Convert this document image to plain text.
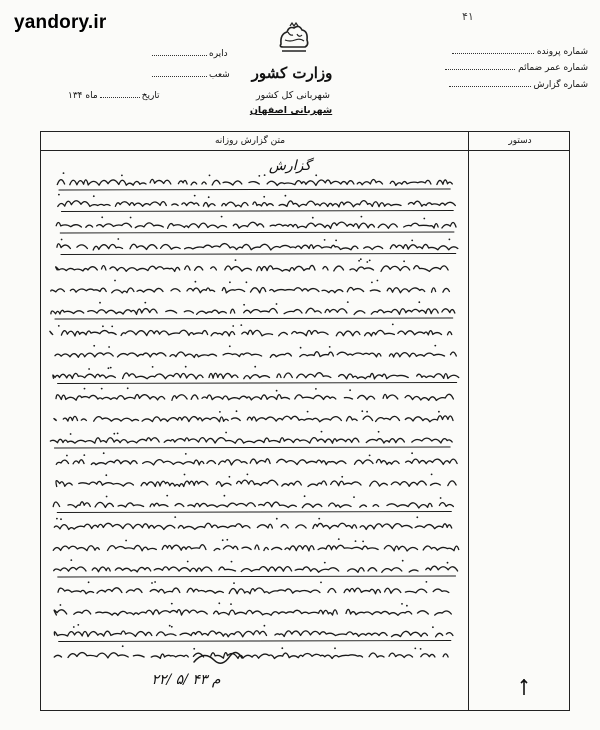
yandory.ir	۴۱
وزارت کشور
شهربانی کل کشور
شهربانی اصفهان
دایره
شعب
تاریخماه ۱۳۴
شماره پرونده
شماره عمر ضمائم
شماره گزارش
متن گزارش روزانه	دستور
گزارش
۲۲/ ۵/ ۴۳ م
